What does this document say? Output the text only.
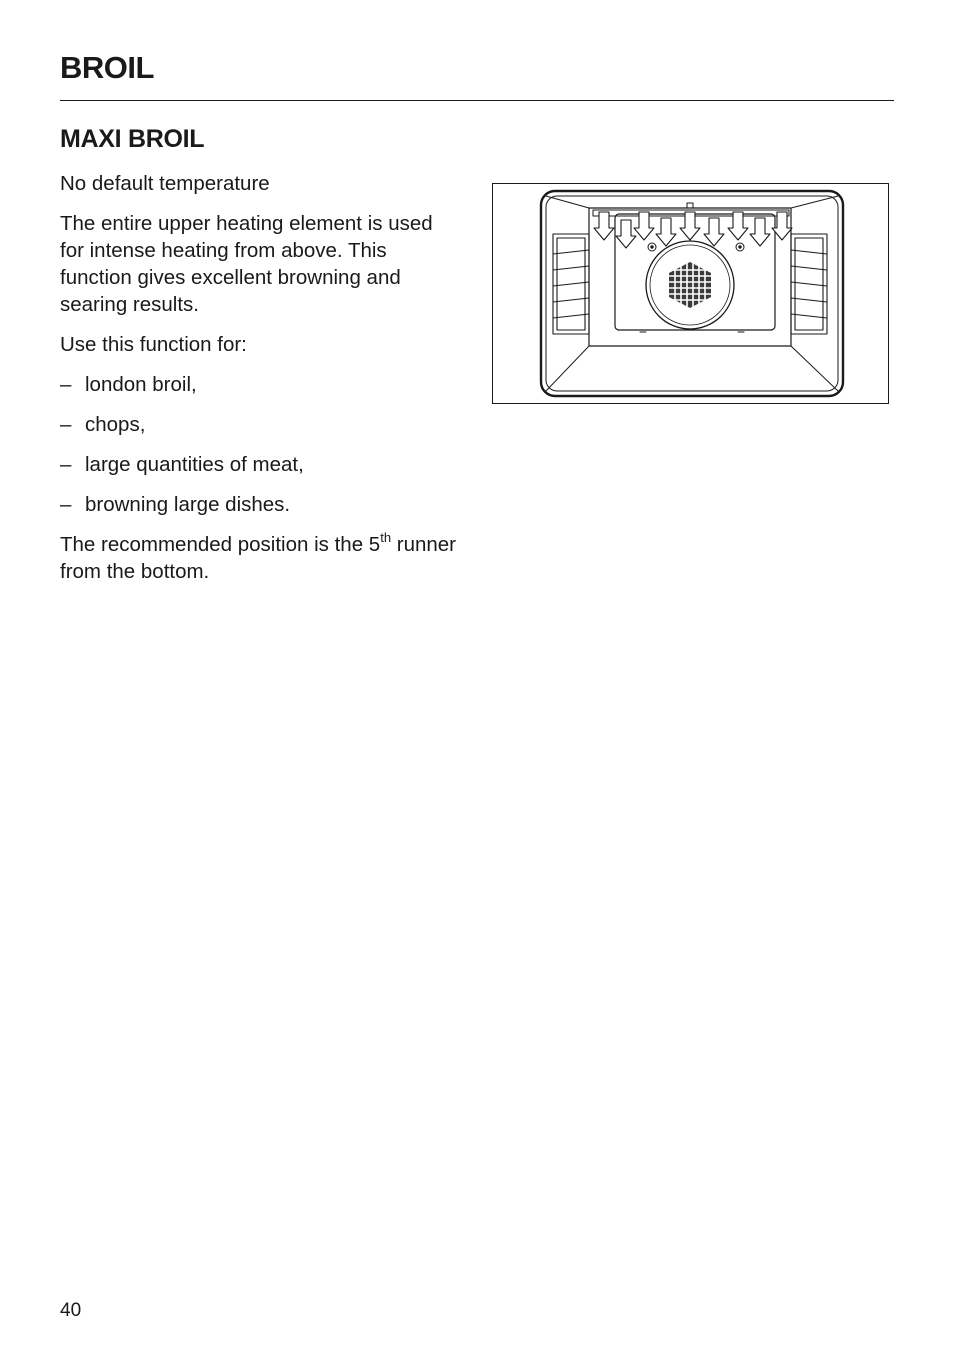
BROIL
MAXI BROIL

No default temperature

The entire upper heating element is used for intense heating from above. This function gives excellent browning and searing results.

Use this function for:

– london broil,
– chops,
– large quantities of meat,
– browning large dishes.

The recommended position is the 5th runner from the bottom.

40
